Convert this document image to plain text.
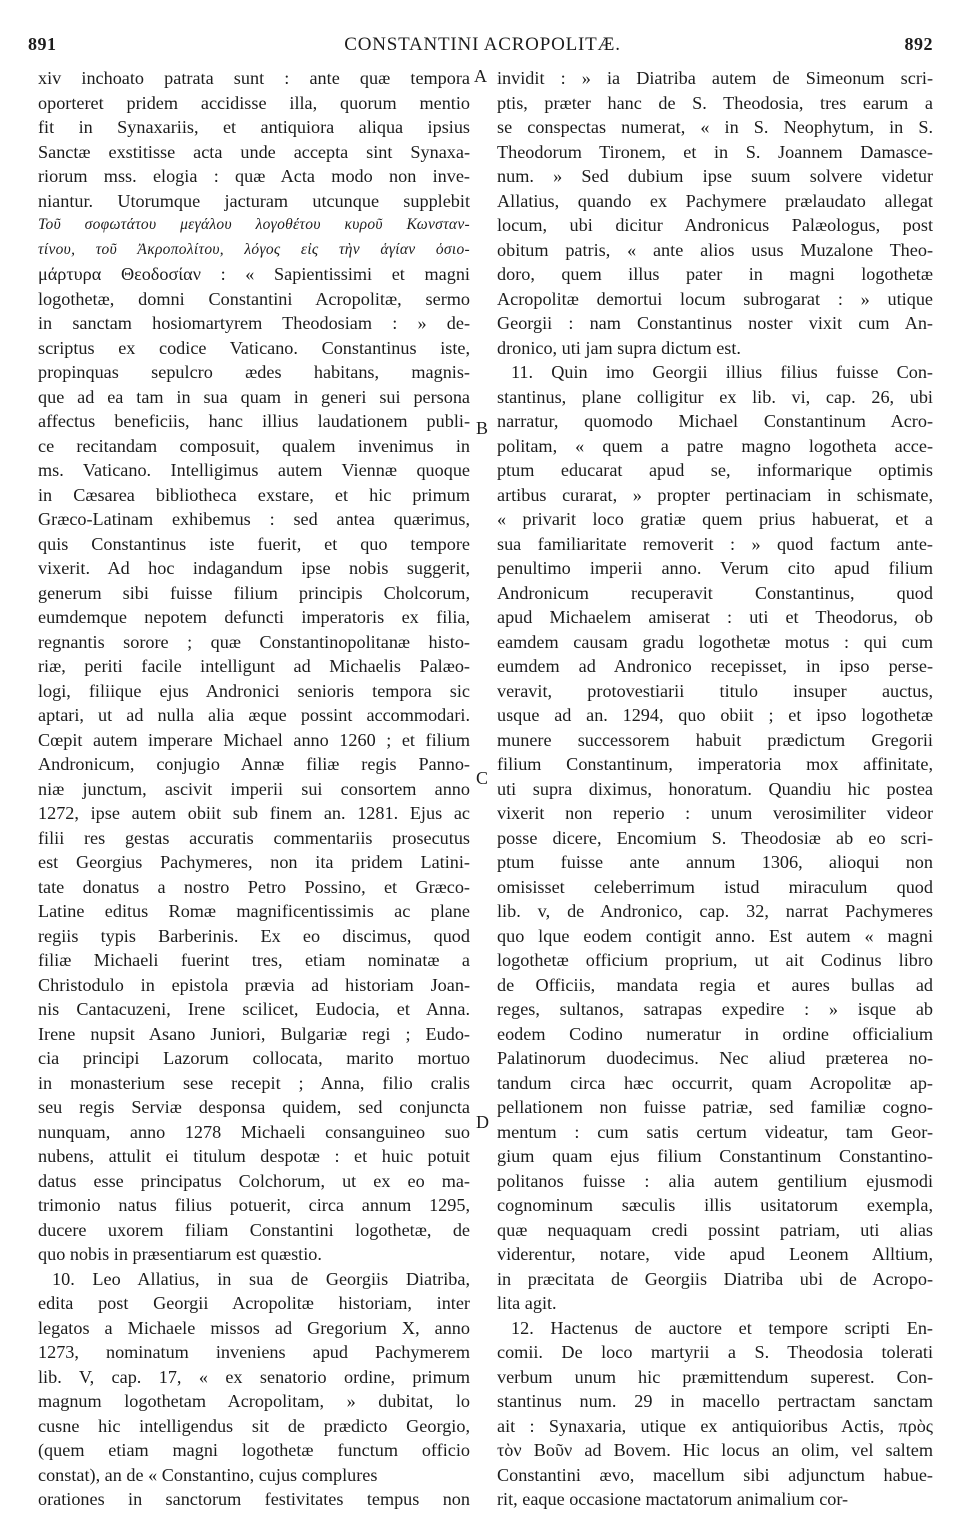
891	CONSTANTINI ACROPOLITÆ.	892
xiv inchoato patrata sunt : ante quæ tempora
oporteret pridem accidisse illa, quorum mentio
fit in Synaxariis, et antiquiora aliqua ipsius
Sanctæ exstitisse acta unde accepta sint Synaxa-
riorum mss. elogia : quæ Acta modo non inve-
niantur. Utorumque jacturam utcunque supplebit
Τοῦ σοφωτάτου μεγάλου λογοθέτου κυροῦ Κωνσταν-
τίνου, τοῦ Ἀκροπολίτου, λόγος εἰς τὴν ἁγίαν ὁσιο-
μάρτυρα Θεοδοσίαν : « Sapientissimi et magni
logothetæ, domni Constantini Acropolitæ, sermo
in sanctam hosiomartyrem Theodosiam : » de-
scriptus ex codice Vaticano. Constantinus iste,
propinquas sepulcro ædes habitans, magnis-
que ad ea tam in sua quam in generi sui persona
affectus beneficiis, hanc illius laudationem publi-
ce recitandam composuit, qualem invenimus in
ms. Vaticano. Intelligimus autem Viennæ quoque
in Cæsarea bibliotheca exstare, et hic primum
Græco-Latinam exhibemus : sed antea quærimus,
quis Constantinus iste fuerit, et quo tempore
vixerit. Ad hoc indagandum ipse nobis suggerit,
generum sibi fuisse filium principis Cholcorum,
eumdemque nepotem defuncti imperatoris ex filia,
regnantis sorore ; quæ Constantinopolitanæ histo-
riæ, periti facile intelligunt ad Michaelis Palæo-
logi, filiique ejus Andronici senioris tempora sic
aptari, ut ad nulla alia æque possint accommodari.
Cœpit autem imperare Michael anno 1260 ; et filium
Andronicum, conjugio Annæ filiæ regis Panno-
niæ junctum, ascivit imperii sui consortem anno
1272, ipse autem obiit sub finem an. 1281. Ejus ac
filii res gestas accuratis commentariis prosecutus
est Georgius Pachymeres, non ita pridem Latini-
tate donatus a nostro Petro Possino, et Græco-
Latine editus Romæ magnificentissimis ac plane
regiis typis Barberinis. Ex eo discimus, quod
filiæ Michaeli fuerint tres, etiam nominatæ a
Christodulo in epistola prævia ad historiam Joan-
nis Cantacuzeni, Irene scilicet, Eudocia, et Anna.
Irene nupsit Asano Juniori, Bulgariæ regi ; Eudo-
cia principi Lazorum collocata, marito mortuo
in monasterium sese recepit ; Anna, filio cralis
seu regis Serviæ desponsa quidem, sed conjuncta
nunquam, anno 1278 Michaeli consanguineo suo
nubens, attulit ei titulum despotæ : et huic potuit
datus esse principatus Colchorum, ut ex eo ma-
trimonio natus filius potuerit, circa annum 1295,
ducere uxorem filiam Constantini logothetæ, de
quo nobis in præsentiarum est quæstio.
10. Leo Allatius, in sua de Georgiis Diatriba,
edita post Georgii Acropolitæ historiam, inter
legatos a Michaele missos ad Gregorium X, anno
1273, nominatum inveniens apud Pachymerem
lib. V, cap. 17, « ex senatorio ordine, primum
magnum logothetam Acropolitam, » dubitat, lo
cusne hic intelligendus sit de prædicto Georgio,
(quem etiam magni logothetæ functum officio
constat), an de « Constantino, cujus complures
orationes in sanctorum festivitates tempus non
invidit : » ia Diatriba autem de Simeonum scri-
ptis, præter hanc de S. Theodosia, tres earum a
se conspectas numerat, « in S. Neophytum, in S.
Theodorum Tironem, et in S. Joannem Damasce-
num. » Sed dubium ipse suum solvere videtur
Allatius, quando ex Pachymere prælaudato allegat
locum, ubi dicitur Andronicus Palæologus, post
obitum patris, « ante alios usus Muzalone Theo-
doro, quem illus pater in magni logothetæ
Acropolitæ demortui locum subrogarat : » utique
Georgii : nam Constantinus noster vixit cum An-
dronico, uti jam supra dictum est.
11. Quin imo Georgii illius filius fuisse Con-
stantinus, plane colligitur ex lib. vi, cap. 26, ubi
narratur, quomodo Michael Constantinum Acro-
politam, « quem a patre magno logotheta acce-
ptum educarat apud se, informarique optimis
artibus curarat, » propter pertinaciam in schismate,
« privarit loco gratiæ quem prius habuerat, et a
sua familiaritate removerit : » quod factum ante-
penultimo imperii anno. Verum cito apud filium
Andronicum recuperavit Constantinus, quod
apud Michaelem amiserat : uti et Theodorus, ob
eamdem causam gradu logothetæ motus : qui cum
eumdem ad Andronico recepisset, in ipso perse-
veravit, protovestiarii titulo insuper auctus,
usque ad an. 1294, quo obiit ; et ipso logothetæ
munere successorem habuit prædictum Gregorii
filium Constantinum, imperatoria mox affinitate,
uti supra diximus, honoratum. Quandiu hic postea
vixerit non reperio : unum verosimiliter videor
posse dicere, Encomium S. Theodosiæ ab eo scri-
ptum fuisse ante annum 1306, alioqui non
omisisset celeberrimum istud miraculum quod
lib. v, de Andronico, cap. 32, narrat Pachymeres
quo lque eodem contigit anno. Est autem « magni
logothetæ officium proprium, ut ait Codinus libro
de Officiis, mandata regia et aures bullas ad
reges, sultanos, satrapas expedire : » isque ab
eodem Codino numeratur in ordine officialium
Palatinorum duodecimus. Nec aliud præterea no-
tandum circa hæc occurrit, quam Acropolitæ ap-
pellationem non fuisse patriæ, sed familiæ cogno-
mentum : cum satis certum videatur, tam Geor-
gium quam ejus filium Constantinum Constantino-
politanos fuisse : alia autem gentilium ejusmodi
cognominum sæculis illis usitatorum exempla,
quæ nequaquam credi possint patriam, uti alias
viderentur, notare, vide apud Leonem Alltium,
in præcitata de Georgiis Diatriba ubi de Acropo-
lita agit.
12. Hactenus de auctore et tempore scripti En-
comii. De loco martyrii a S. Theodosia tolerati
verbum unum hic præmittendum superest. Con-
stantinus num. 29 in macello pertractam sanctam
ait : Synaxaria, utique ex antiquioribus Actis, πρὸς
τὸν Βοῦν ad Bovem. Hic locus an olim, vel saltem
Constantini ævo, macellum sibi adjunctum habue-
rit, eaque occasione mactatorum animalium cor-
A
B
C
D
